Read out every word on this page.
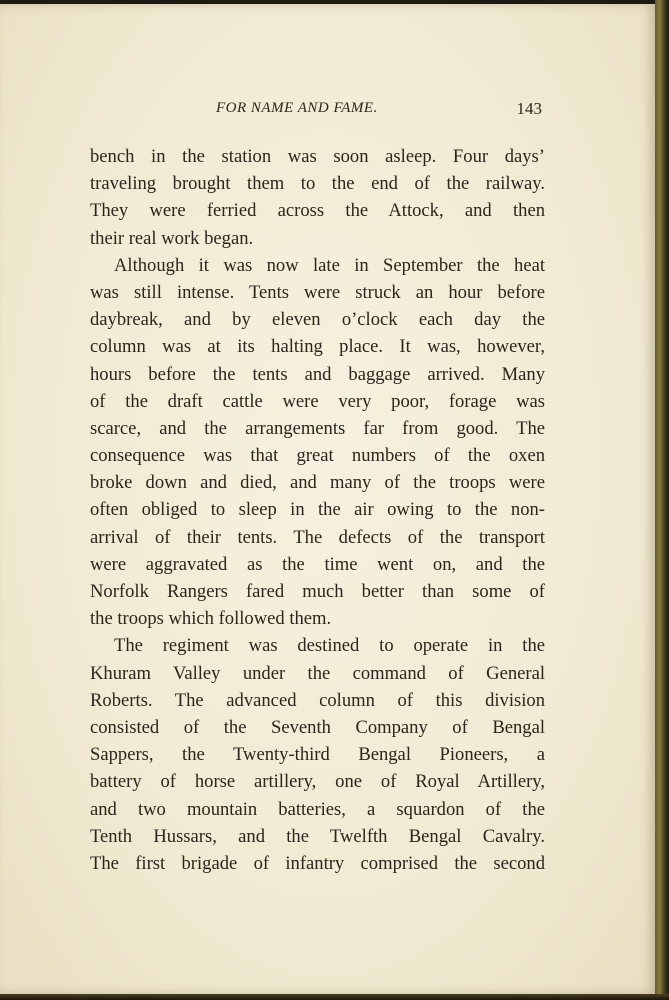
FOR NAME AND FAME.	143
bench in the station was soon asleep. Four days’
traveling brought them to the end of the railway.
They were ferried across the Attock, and then
their real work began.
Although it was now late in September the heat
was still intense. Tents were struck an hour before
daybreak, and by eleven o’clock each day the
column was at its halting place. It was, however,
hours before the tents and baggage arrived. Many
of the draft cattle were very poor, forage was
scarce, and the arrangements far from good. The
consequence was that great numbers of the oxen
broke down and died, and many of the troops were
often obliged to sleep in the air owing to the non-
arrival of their tents. The defects of the transport
were aggravated as the time went on, and the
Norfolk Rangers fared much better than some of
the troops which followed them.
The regiment was destined to operate in the
Khuram Valley under the command of General
Roberts. The advanced column of this division
consisted of the Seventh Company of Bengal
Sappers, the Twenty-third Bengal Pioneers, a
battery of horse artillery, one of Royal Artillery,
and two mountain batteries, a squardon of the
Tenth Hussars, and the Twelfth Bengal Cavalry.
The first brigade of infantry comprised the second
